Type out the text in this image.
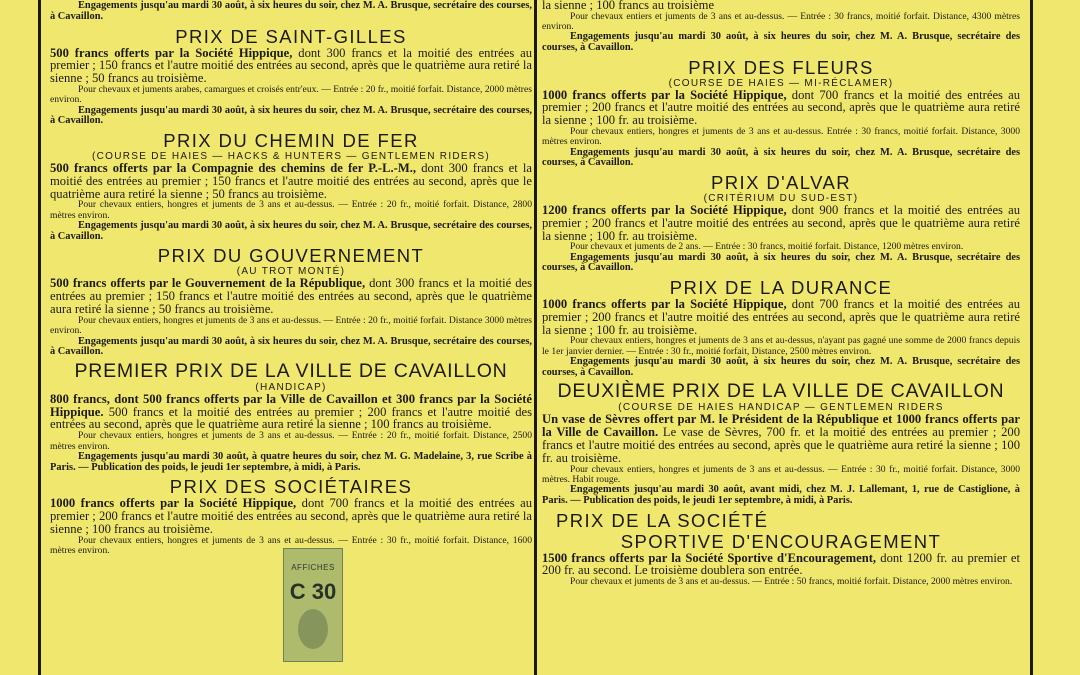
Engagements jusqu'au mardi 30 août, à six heures du soir, chez M. A. Brusque, secrétaire des courses, à Cavaillon.
PRIX DE SAINT-GILLES
500 francs offerts par la Société Hippique, dont 300 francs et la moitié des entrées au premier ; 150 francs et l'autre moitié des entrées au second, après que le quatrième aura retiré la sienne ; 50 francs au troisième.
Pour chevaux et juments arabes, camargues et croisés entr'eux. — Entrée : 20 fr., moitié forfait. Distance, 2000 mètres environ.
Engagements jusqu'au mardi 30 août, à six heures du soir, chez M. A. Brusque, secrétaire des courses, à Cavaillon.
PRIX DU CHEMIN DE FER
(COURSE DE HAIES — HACKS & HUNTERS — GENTLEMEN RIDERS)
500 francs offerts par la Compagnie des chemins de fer P.-L.-M., dont 300 francs et la moitié des entrées au premier ; 150 francs et l'autre moitié des entrées au second, après que le quatrième aura retiré la sienne ; 50 francs au troisième.
Pour chevaux entiers, hongres et juments de 3 ans et au-dessus. — Entrée : 20 fr., moitié forfait. Distance, 2800 mètres environ.
Engagements jusqu'au mardi 30 août, à six heures du soir, chez M. A. Brusque, secrétaire des courses, à Cavaillon.
PRIX DU GOUVERNEMENT
(AU TROT MONTÉ)
500 francs offerts par le Gouvernement de la République, dont 300 francs et la moitié des entrées au premier ; 150 francs et l'autre moitié des entrées au second, après que le quatrième aura retiré la sienne ; 50 francs au troisième.
Pour chevaux entiers, hongres et juments de 3 ans et au-dessus. — Entrée : 20 fr., moitié forfait. Distance 3000 mètres environ.
Engagements jusqu'au mardi 30 août, à six heures du soir, chez M. A. Brusque, secrétaire des courses, à Cavaillon.
PREMIER PRIX DE LA VILLE DE CAVAILLON
(HANDICAP)
800 francs, dont 500 francs offerts par la Ville de Cavaillon et 300 francs par la Société Hippique. 500 francs et la moitié des entrées au premier ; 200 francs et l'autre moitié des entrées au second, après que le quatrième aura retiré la sienne ; 100 francs au troisième.
Pour chevaux entiers, hongres et juments de 3 ans et au-dessus. — Entrée : 20 fr., moitié forfait. Distance, 2500 mètres environ.
Engagements jusqu'au mardi 30 août, à quatre heures du soir, chez M. G. Madelaine, 3, rue Scribe à Paris. — Publication des poids, le jeudi 1er septembre, à midi, à Paris.
PRIX DES SOCIÉTAIRES
1000 francs offerts par la Société Hippique, dont 700 francs et la moitié des entrées au premier ; 200 francs et l'autre moitié des entrées au second, après que le quatrième aura retiré la sienne ; 100 francs au troisième.
Pour chevaux entiers, hongres et juments de 3 ans et au-dessus. — Entrée : 30 fr., moitié forfait. Distance, 1600 mètres environ.
la sienne ; 100 francs au troisième
Pour chevaux entiers et juments de 3 ans et au-dessus. — Entrée : 30 francs, moitié forfait. Distance, 4300 mètres environ.
Engagements jusqu'au mardi 30 août, à six heures du soir, chez M. A. Brusque, secrétaire des courses, à Cavaillon.
PRIX DES FLEURS
(COURSE DE HAIES — MI-RÉCLAMER)
1000 francs offerts par la Société Hippique, dont 700 francs et la moitié des entrées au premier ; 200 francs et l'autre moitié des entrées au second, après que le quatrième aura retiré la sienne ; 100 fr. au troisième.
Pour chevaux entiers, hongres et juments de 3 ans et au-dessus. Entrée : 30 francs, moitié forfait. Distance, 3000 mètres environ.
Engagements jusqu'au mardi 30 août, à six heures du soir, chez M. A. Brusque, secrétaire des courses, à Cavaillon.
PRIX D'ALVAR
(CRITÉRIUM DU SUD-EST)
1200 francs offerts par la Société Hippique, dont 900 francs et la moitié des entrées au premier ; 200 francs et l'autre moitié des entrées au second, après que le quatrième aura retiré la sienne ; 100 fr. au troisième.
Pour chevaux et juments de 2 ans. — Entrée : 30 francs, moitié forfait. Distance, 1200 mètres environ.
Engagements jusqu'au mardi 30 août, à six heures du soir, chez M. A. Brusque, secrétaire des courses, à Cavaillon.
PRIX DE LA DURANCE
1000 francs offerts par la Société Hippique, dont 700 francs et la moitié des entrées au premier ; 200 francs et l'autre moitié des entrées au second, après que le quatrième aura retiré la sienne ; 100 fr. au troisième.
Pour chevaux entiers, hongres et juments de 3 ans et au-dessus, n'ayant pas gagné une somme de 2000 francs depuis le 1er janvier dernier. — Entrée : 30 fr., moitié forfait, Distance, 2500 mètres environ.
Engagements jusqu'au mardi 30 août, à six heures du soir, chez M. A. Brusque, secrétaire des courses, à Cavaillon.
DEUXIÈME PRIX DE LA VILLE DE CAVAILLON
(COURSE DE HAIES HANDICAP — GENTLEMEN RIDERS
Un vase de Sèvres offert par M. le Président de la République et 1000 francs offerts par la Ville de Cavaillon. Le vase de Sèvres, 700 fr. et la moitié des entrées au premier ; 200 francs et l'autre moitié des entrées au second, après que le quatrième aura retiré la sienne ; 100 fr. au troisième.
Pour chevaux entiers, hongres et juments de 3 ans et au-dessus. — Entrée : 30 fr., moitié forfait. Distance, 3000 mètres. Habit rouge.
Engagements jusqu'au mardi 30 août, avant midi, chez M. J. Lallemant, 1, rue de Castiglione, à Paris. — Publication des poids, le jeudi 1er septembre, à midi, à Paris.
PRIX DE LA SOCIÉTÉ
SPORTIVE D'ENCOURAGEMENT
1500 francs offerts par la Société Sportive d'Encouragement, dont 1200 fr. au premier et 200 fr. au second. Le troisième doublera son entrée.
Pour chevaux et juments de 3 ans et au-dessus. — Entrée : 50 francs, moitié forfait. Distance, 2000 mètres environ.
AFFICHES
C 30
